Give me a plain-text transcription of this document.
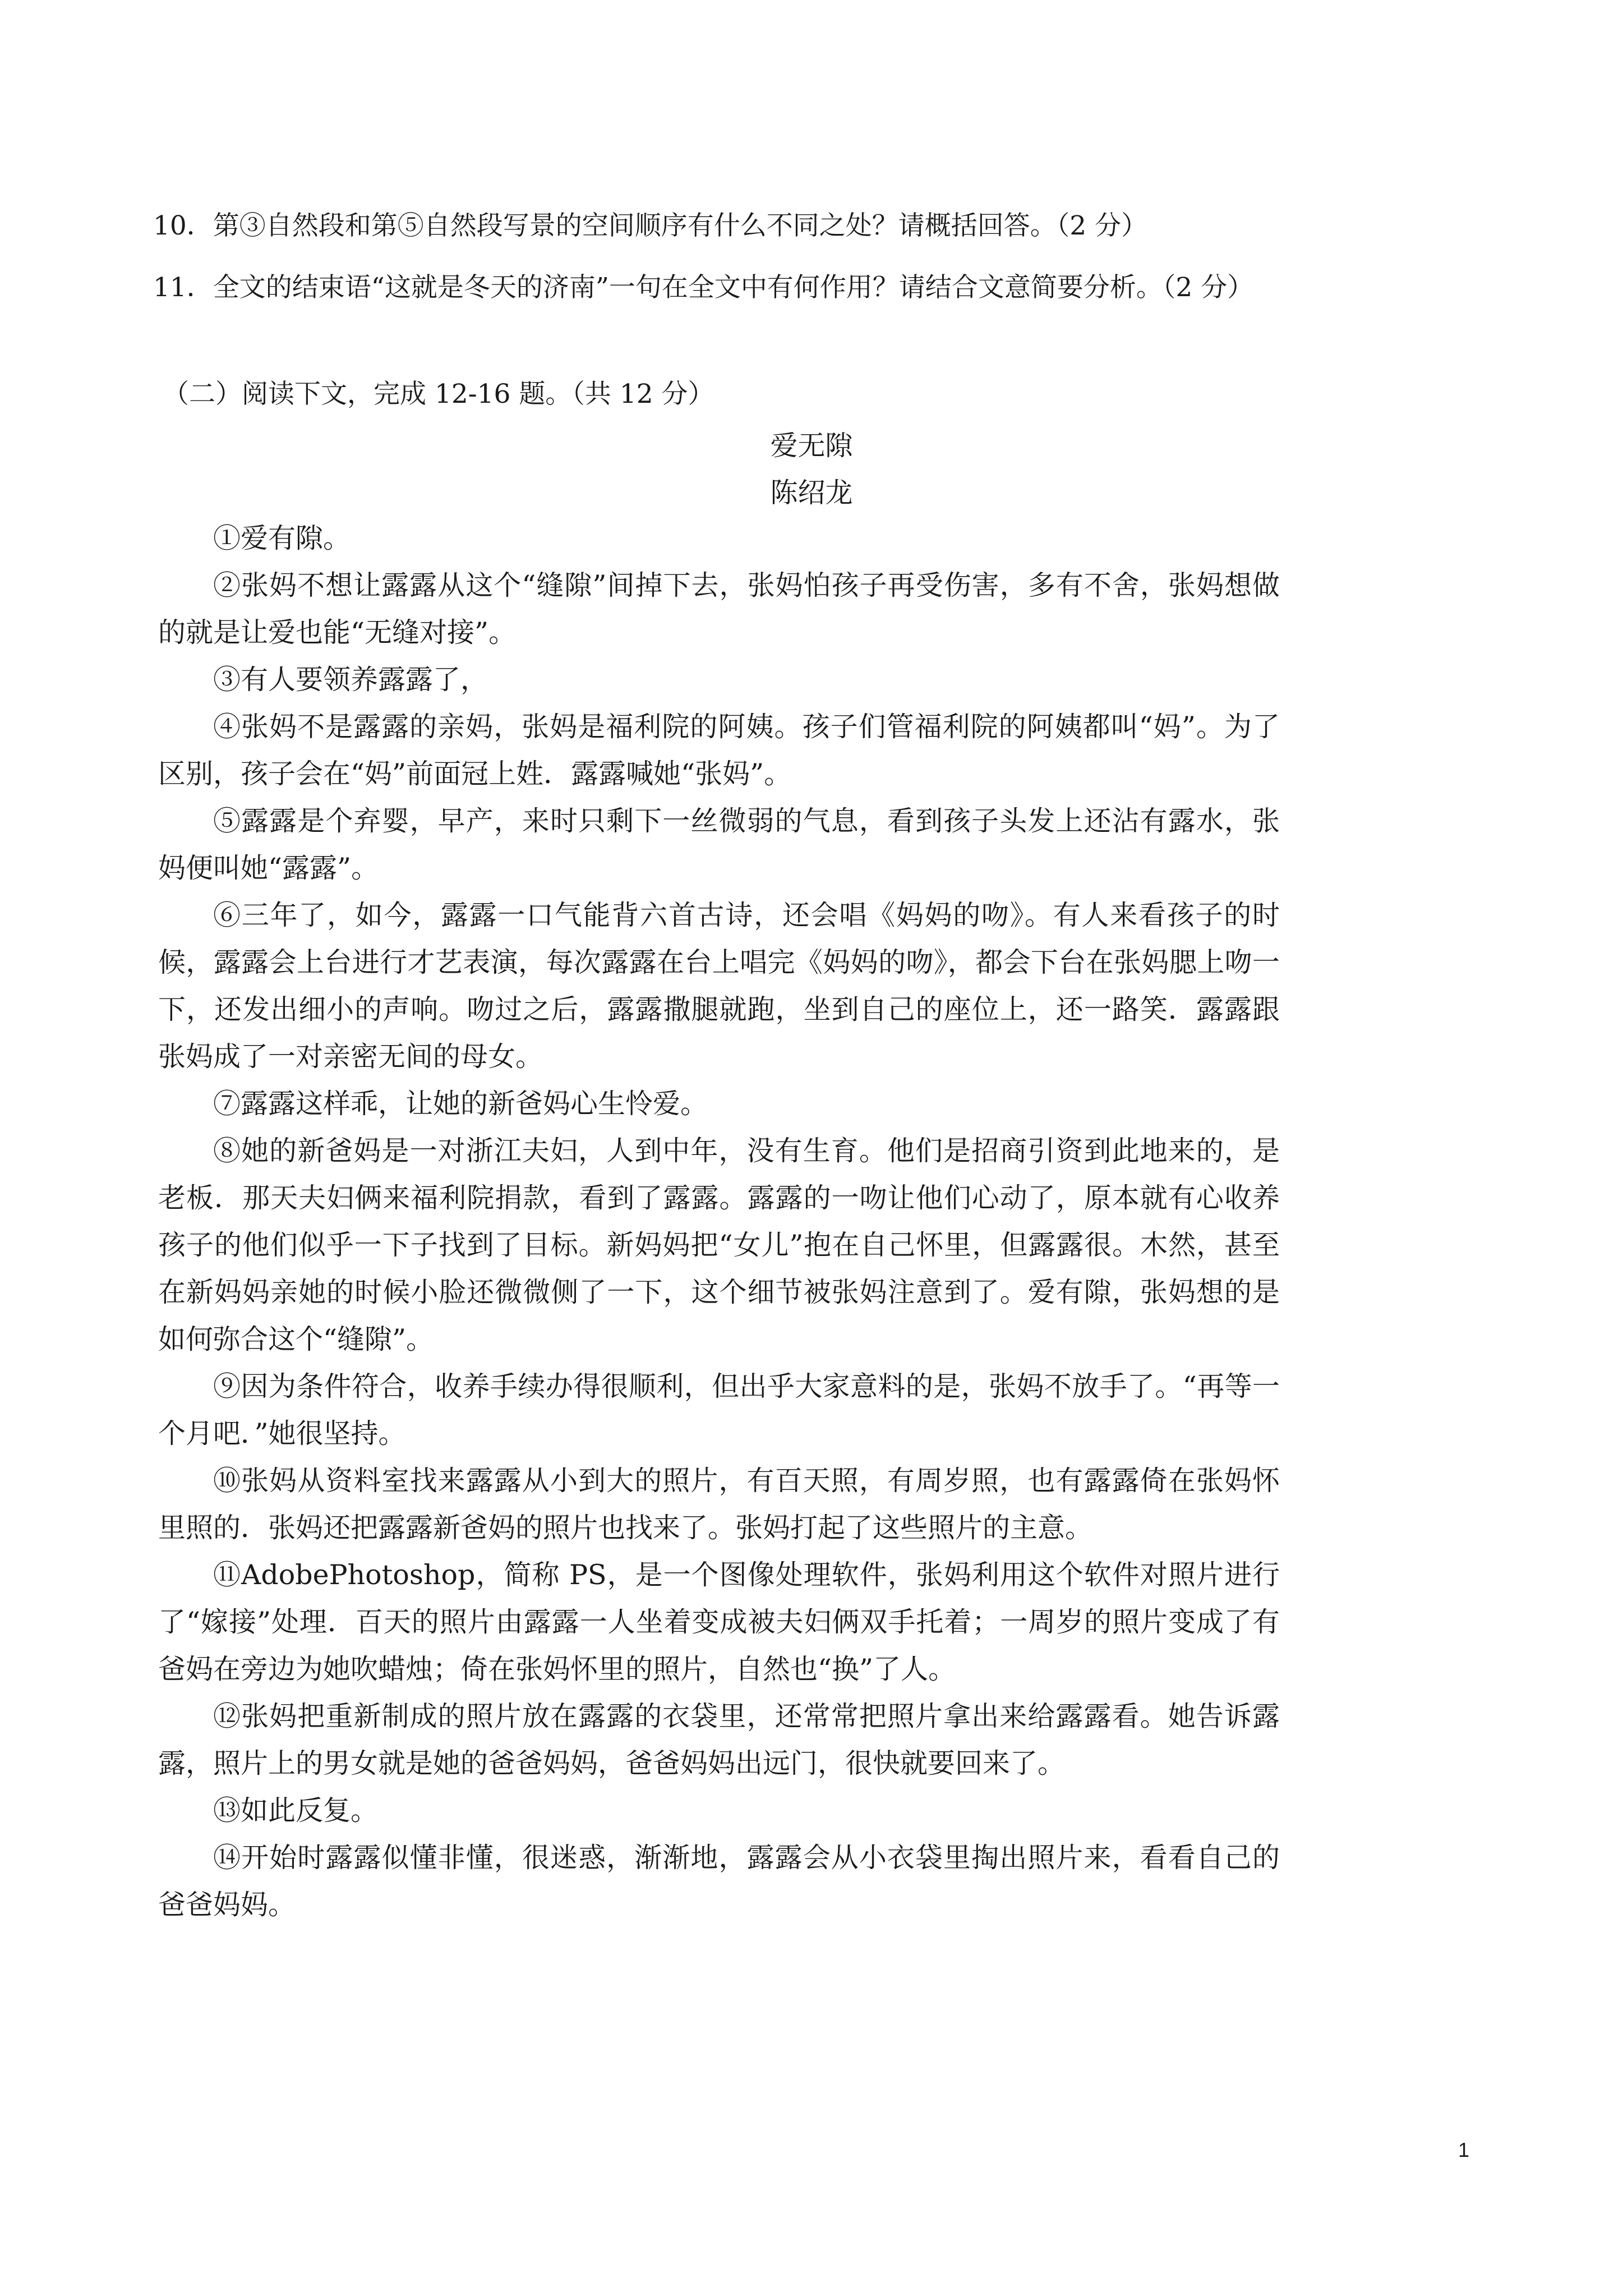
10．第③自然段和第⑤自然段写景的空间顺序有什么不同之处？请概括回答。（2 分）
11．全文的结束语“这就是冬天的济南”一句在全文中有何作用？请结合文意简要分析。（2 分）
（二）阅读下文，完成 12-16 题。（共 12 分）
爱无隙
陈绍龙

①爱有隙。

②张妈不想让露露从这个“缝隙”间掉下去，张妈怕孩子再受伤害，多有不舍，张妈想做的就是让爱也能“无缝对接”。

③有人要领养露露了，

④张妈不是露露的亲妈，张妈是福利院的阿姨。孩子们管福利院的阿姨都叫“妈”。为了区别，孩子会在“妈”前面冠上姓．露露喊她“张妈”。

⑤露露是个弃婴，早产，来时只剩下一丝微弱的气息，看到孩子头发上还沾有露水，张妈便叫她“露露”。

⑥三年了，如今，露露一口气能背六首古诗，还会唱《妈妈的吻》。有人来看孩子的时候，露露会上台进行才艺表演，每次露露在台上唱完《妈妈的吻》，都会下台在张妈腮上吻一下，还发出细小的声响。吻过之后，露露撒腿就跑，坐到自己的座位上，还一路笑．露露跟张妈成了一对亲密无间的母女。

⑦露露这样乖，让她的新爸妈心生怜爱。

⑧她的新爸妈是一对浙江夫妇，人到中年，没有生育。他们是招商引资到此地来的，是老板．那天夫妇俩来福利院捐款，看到了露露。露露的一吻让他们心动了，原本就有心收养孩子的他们似乎一下子找到了目标。新妈妈把“女儿”抱在自己怀里，但露露很。木然，甚至在新妈妈亲她的时候小脸还微微侧了一下，这个细节被张妈注意到了。爱有隙，张妈想的是如何弥合这个“缝隙”。

⑨因为条件符合，收养手续办得很顺利，但出乎大家意料的是，张妈不放手了。“再等一个月吧．”她很坚持。

⑩张妈从资料室找来露露从小到大的照片，有百天照，有周岁照，也有露露倚在张妈怀里照的．张妈还把露露新爸妈的照片也找来了。张妈打起了这些照片的主意。

⑪AdobePhotoshop，简称 PS，是一个图像处理软件，张妈利用这个软件对照片进行了“嫁接”处理．百天的照片由露露一人坐着变成被夫妇俩双手托着；一周岁的照片变成了有爸妈在旁边为她吹蜡烛；倚在张妈怀里的照片，自然也“换”了人。

⑫张妈把重新制成的照片放在露露的衣袋里，还常常把照片拿出来给露露看。她告诉露露，照片上的男女就是她的爸爸妈妈，爸爸妈妈出远门，很快就要回来了。

⑬如此反复。

⑭开始时露露似懂非懂，很迷惑，渐渐地，露露会从小衣袋里掏出照片来，看看自己的爸爸妈妈。

1
